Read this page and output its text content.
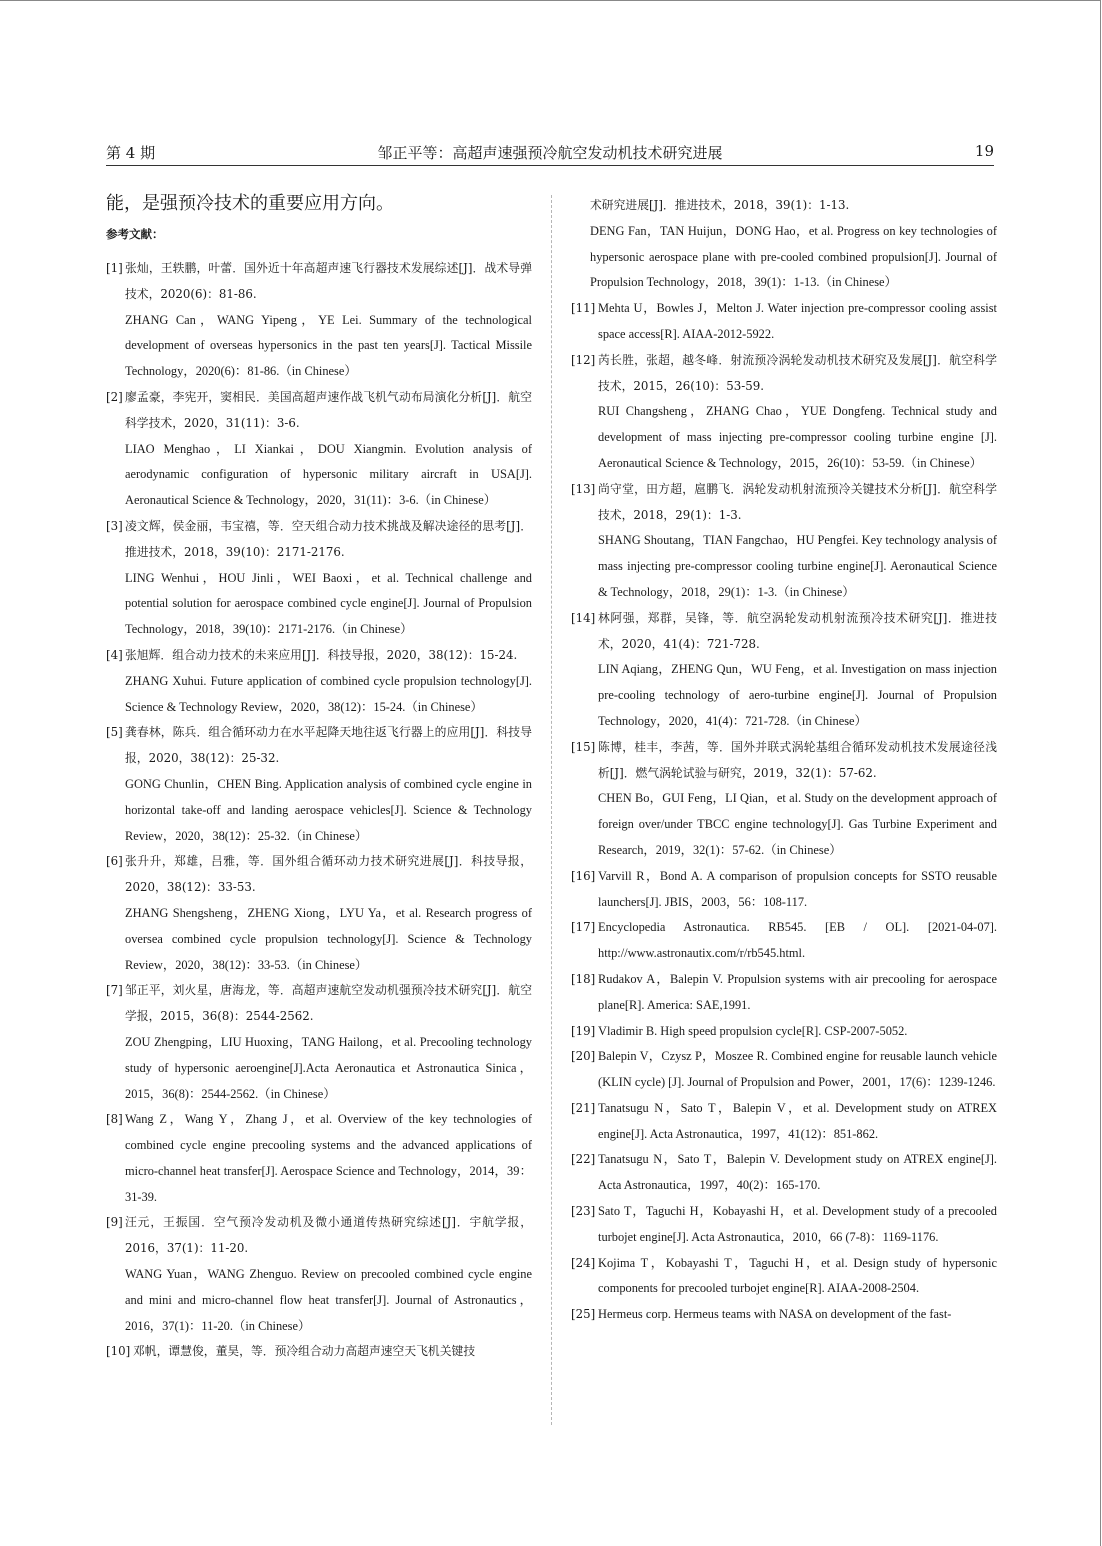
第 4 期	邹正平等：高超声速强预冷航空发动机技术研究进展	19

能，是强预冷技术的重要应用方向。

参考文献：
[1] 张灿，王轶鹏，叶蕾．国外近十年高超声速飞行器技术发展综述[J]．战术导弹技术，2020(6)：81-86.

ZHANG Can，WANG Yipeng，YE Lei. Summary of the technological development of overseas hypersonics in the past ten years[J]. Tactical Missile Technology，2020(6)：81-86.（in Chinese）

[2] 廖孟豪，李宪开，窦相民．美国高超声速作战飞机气动布局演化分析[J]．航空科学技术，2020，31(11)：3-6.

LIAO Menghao，LI Xiankai，DOU Xiangmin. Evolution analysis of aerodynamic configuration of hypersonic military aircraft in USA[J]. Aeronautical Science & Technology，2020，31(11)：3-6.（in Chinese）

[3] 凌文辉，侯金丽，韦宝禧，等．空天组合动力技术挑战及解决途径的思考[J]．推进技术，2018，39(10)：2171-2176.

LING Wenhui，HOU Jinli，WEI Baoxi，et al. Technical challenge and potential solution for aerospace combined cycle engine[J]. Journal of Propulsion Technology，2018，39(10)：2171-2176.（in Chinese）

[4] 张旭辉．组合动力技术的未来应用[J]．科技导报，2020，38(12)：15-24.

ZHANG Xuhui. Future application of combined cycle propulsion technology[J]. Science & Technology Review，2020，38(12)：15-24.（in Chinese）

[5] 龚春林，陈兵．组合循环动力在水平起降天地往返飞行器上的应用[J]．科技导报，2020，38(12)：25-32.

GONG Chunlin，CHEN Bing. Application analysis of combined cycle engine in horizontal take-off and landing aerospace vehicles[J]. Science & Technology Review，2020，38(12)：25-32.（in Chinese）

[6] 张升升，郑雄，吕雅，等．国外组合循环动力技术研究进展[J]．科技导报，2020，38(12)：33-53.

ZHANG Shengsheng，ZHENG Xiong，LYU Ya，et al. Research progress of oversea combined cycle propulsion technology[J]. Science & Technology Review，2020，38(12)：33-53.（in Chinese）

[7] 邹正平，刘火星，唐海龙，等．高超声速航空发动机强预冷技术研究[J]．航空学报，2015，36(8)：2544-2562.

ZOU Zhengping，LIU Huoxing，TANG Hailong，et al. Precooling technology study of hypersonic aeroengine[J].Acta Aeronautica et Astronautica Sinica，2015，36(8)：2544-2562.（in Chinese）

[8] Wang Z，Wang Y，Zhang J，et al. Overview of the key technologies of combined cycle engine precooling systems and the advanced applications of micro-channel heat transfer[J]. Aerospace Science and Technology，2014，39：31-39.

[9] 汪元，王振国．空气预冷发动机及微小通道传热研究综述[J]．宇航学报，2016，37(1)：11-20.

WANG Yuan，WANG Zhenguo. Review on precooled combined cycle engine and mini and micro-channel flow heat transfer[J]. Journal of Astronautics，2016，37(1)：11-20.（in Chinese）

[10] 邓帆，谭慧俊，董昊，等．预冷组合动力高超声速空天飞机关键技

术研究进展[J]．推进技术，2018，39(1)：1-13.

DENG Fan，TAN Huijun，DONG Hao，et al. Progress on key technologies of hypersonic aerospace plane with pre-cooled combined propulsion[J]. Journal of Propulsion Technology，2018，39(1)：1-13.（in Chinese）

[11] Mehta U，Bowles J，Melton J. Water injection pre-compressor cooling assist space access[R]. AIAA-2012-5922.

[12] 芮长胜，张超，越冬峰．射流预冷涡轮发动机技术研究及发展[J]．航空科学技术，2015，26(10)：53-59.

RUI Changsheng，ZHANG Chao，YUE Dongfeng. Technical study and development of mass injecting pre-compressor cooling turbine engine [J]. Aeronautical Science & Technology，2015，26(10)：53-59.（in Chinese）

[13] 尚守堂，田方超，扈鹏飞．涡轮发动机射流预冷关键技术分析[J]．航空科学技术，2018，29(1)：1-3.

SHANG Shoutang，TIAN Fangchao，HU Pengfei. Key technology analysis of mass injecting pre-compressor cooling turbine engine[J]. Aeronautical Science & Technology，2018，29(1)：1-3.（in Chinese）

[14] 林阿强，郑群，吴锋，等．航空涡轮发动机射流预冷技术研究[J]．推进技术，2020，41(4)：721-728.

LIN Aqiang，ZHENG Qun，WU Feng，et al. Investigation on mass injection pre-cooling technology of aero-turbine engine[J]. Journal of Propulsion Technology，2020，41(4)：721-728.（in Chinese）

[15] 陈博，桂丰，李茜，等．国外并联式涡轮基组合循环发动机技术发展途径浅析[J]．燃气涡轮试验与研究，2019，32(1)：57-62.

CHEN Bo，GUI Feng，LI Qian，et al. Study on the development approach of foreign over/under TBCC engine technology[J]. Gas Turbine Experiment and Research，2019，32(1)：57-62.（in Chinese）

[16] Varvill R，Bond A. A comparison of propulsion concepts for SSTO reusable launchers[J]. JBIS，2003，56：108-117.

[17] Encyclopedia Astronautica. RB545. [EB / OL]. [2021-04-07]. http://www.astronautix.com/r/rb545.html.

[18] Rudakov A，Balepin V. Propulsion systems with air precooling for aerospace plane[R]. America: SAE,1991.

[19] Vladimir B. High speed propulsion cycle[R]. CSP-2007-5052.

[20] Balepin V，Czysz P，Moszee R. Combined engine for reusable launch vehicle (KLIN cycle) [J]. Journal of Propulsion and Power，2001，17(6)：1239-1246.

[21] Tanatsugu N，Sato T，Balepin V，et al. Development study on ATREX engine[J]. Acta Astronautica，1997，41(12)：851-862.

[22] Tanatsugu N，Sato T，Balepin V. Development study on ATREX engine[J]. Acta Astronautica，1997，40(2)：165-170.

[23] Sato T，Taguchi H，Kobayashi H，et al. Development study of a precooled turbojet engine[J]. Acta Astronautica，2010，66 (7-8)：1169-1176.

[24] Kojima T，Kobayashi T，Taguchi H，et al. Design study of hypersonic components for precooled turbojet engine[R]. AIAA-2008-2504.

[25] Hermeus corp. Hermeus teams with NASA on development of the fast-
